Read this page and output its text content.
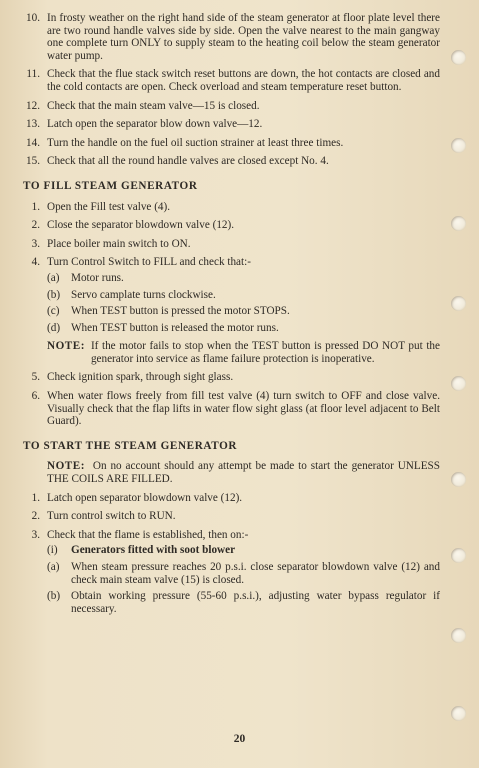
10. In frosty weather on the right hand side of the steam generator at floor plate level there are two round handle valves side by side. Open the valve nearest to the main gangway one complete turn ONLY to supply steam to the heating coil below the steam generator water pump.
11. Check that the flue stack switch reset buttons are down, the hot contacts are closed and the cold contacts are open. Check overload and steam temperature reset button.
12. Check that the main steam valve—15 is closed.
13. Latch open the separator blow down valve—12.
14. Turn the handle on the fuel oil suction strainer at least three times.
15. Check that all the round handle valves are closed except No. 4.
TO FILL STEAM GENERATOR
1. Open the Fill test valve (4).
2. Close the separator blowdown valve (12).
3. Place boiler main switch to ON.
4. Turn Control Switch to FILL and check that:-
(a)	Motor runs.
(b) Servo camplate turns clockwise.
(c)	When TEST button is pressed the motor STOPS.
(d) When TEST button is released the motor runs.
NOTE: If the motor fails to stop when the TEST button is pressed DO NOT put the generator into service as flame failure protection is inoperative.
5. Check ignition spark, through sight glass.
6. When water flows freely from fill test valve (4) turn switch to OFF and close valve. Visually check that the flap lifts in water flow sight glass (at floor level adjacent to Belt Guard).
TO START THE STEAM GENERATOR
NOTE: On no account should any attempt be made to start the generator UNLESS THE COILS ARE FILLED.
1. Latch open separator blowdown valve (12).
2. Turn control switch to RUN.
3. Check that the flame is established, then on:-
(i)	Generators fitted with soot blower
(a)	When steam pressure reaches 20 p.s.i. close separator blowdown valve (12) and check main steam valve (15) is closed.
(b) Obtain working pressure (55-60 p.s.i.), adjusting water bypass regulator if necessary.
20
